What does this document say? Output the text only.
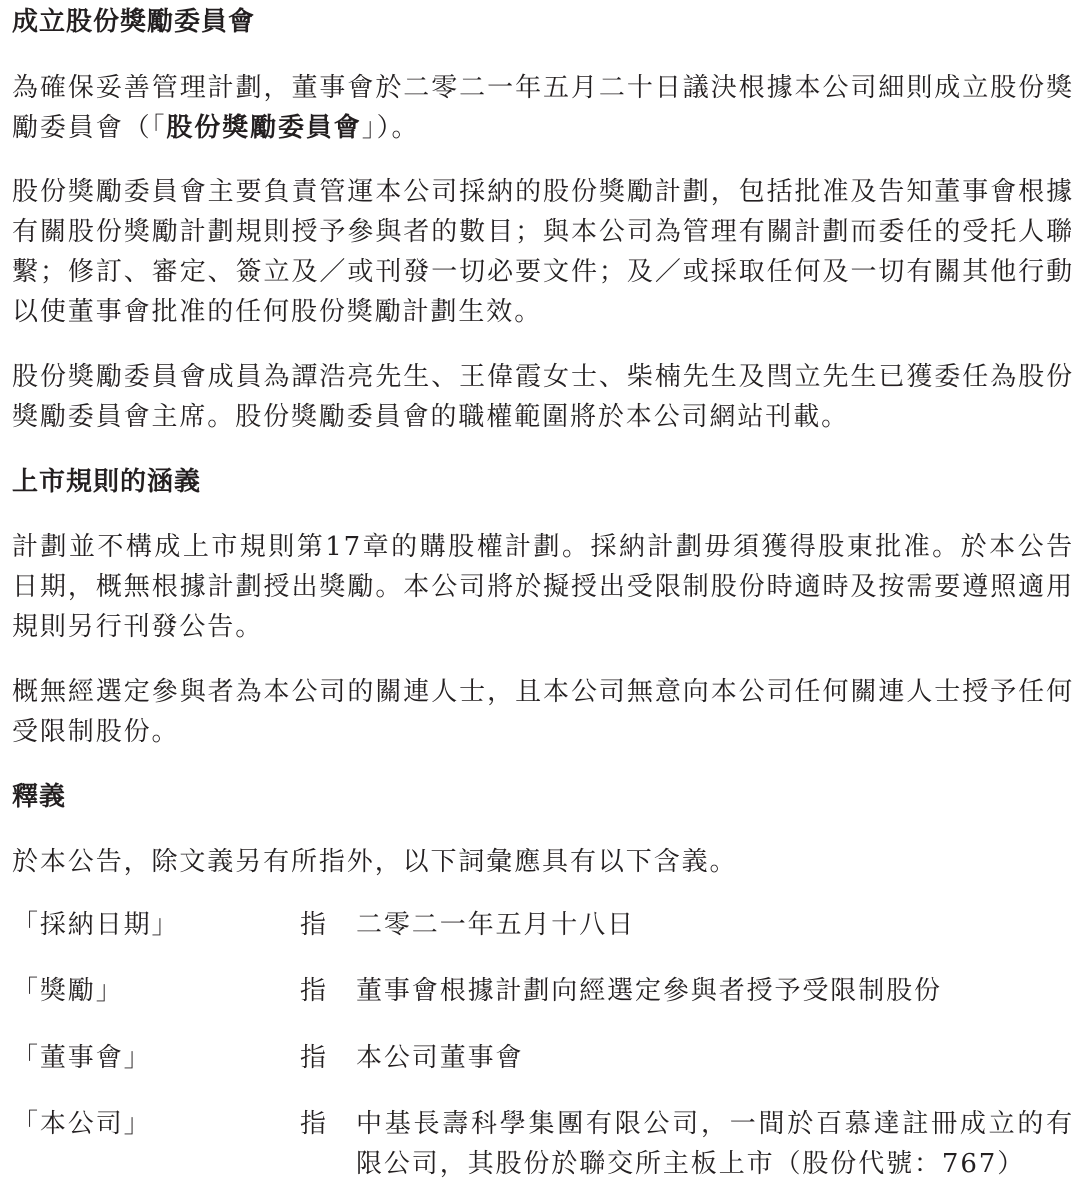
成立股份獎勵委員會

為確保妥善管理計劃，董事會於二零二一年五月二十日議決根據本公司細則成立股份獎勵委員會（「股份獎勵委員會」）。

股份獎勵委員會主要負責管運本公司採納的股份獎勵計劃，包括批准及告知董事會根據有關股份獎勵計劃規則授予參與者的數目；與本公司為管理有關計劃而委任的受托人聯繫；修訂、審定、簽立及／或刊發一切必要文件；及／或採取任何及一切有關其他行動以使董事會批准的任何股份獎勵計劃生效。

股份獎勵委員會成員為譚浩亮先生、王偉霞女士、柴楠先生及閆立先生已獲委任為股份獎勵委員會主席。股份獎勵委員會的職權範圍將於本公司網站刊載。

上市規則的涵義

計劃並不構成上市規則第17章的購股權計劃。採納計劃毋須獲得股東批准。於本公告日期，概無根據計劃授出獎勵。本公司將於擬授出受限制股份時適時及按需要遵照適用規則另行刊發公告。

概無經選定參與者為本公司的關連人士，且本公司無意向本公司任何關連人士授予任何受限制股份。

釋義

於本公告，除文義另有所指外，以下詞彙應具有以下含義。

「採納日期」	指 二零二一年五月十八日
「獎勵」	指 董事會根據計劃向經選定參與者授予受限制股份
「董事會」	指 本公司董事會
「本公司」	指 中基長壽科學集團有限公司，一間於百慕達註冊成立的有限公司，其股份於聯交所主板上市（股份代號：767）
